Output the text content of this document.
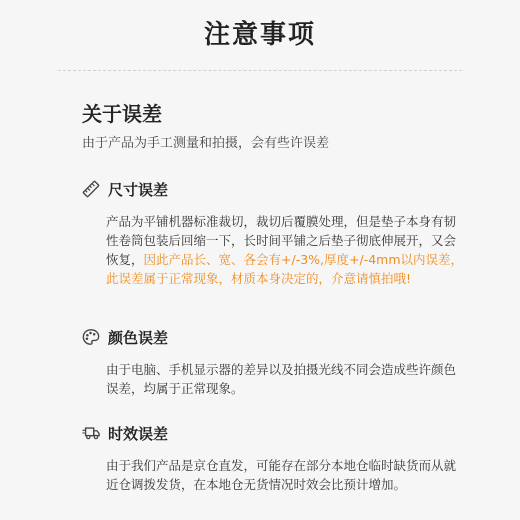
注意事项
关于误差
由于产品为手工测量和拍摄，会有些许误差
尺寸误差
产品为平铺机器标准裁切，裁切后覆膜处理，但是垫子本身有韧性卷筒包装后回缩一下，长时间平铺之后垫子彻底伸展开，又会恢复，因此产品长、宽、各会有+/-3%,厚度+/-4mm以内误差，此误差属于正常现象，材质本身决定的，介意请慎拍哦!
颜色误差
由于电脑、手机显示器的差异以及拍摄光线不同会造成些许颜色误差，均属于正常现象。
时效误差
由于我们产品是京仓直发，可能存在部分本地仓临时缺货而从就近仓调拨发货，在本地仓无货情况时效会比预计增加。
